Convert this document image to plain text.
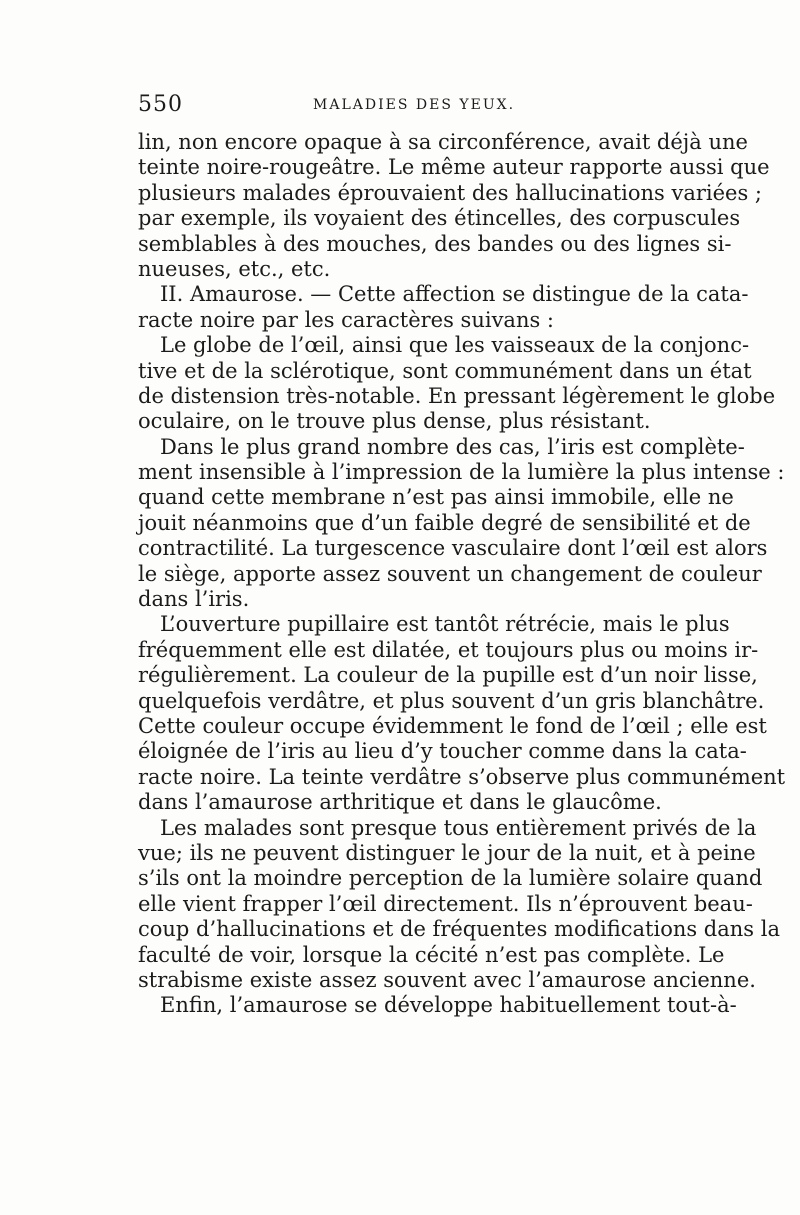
550	MALADIES DES YEUX.
lin, non encore opaque à sa circonférence, avait déjà une
teinte noire-rougeâtre. Le même auteur rapporte aussi que
plusieurs malades éprouvaient des hallucinations variées ;
par exemple, ils voyaient des étincelles, des corpuscules
semblables à des mouches, des bandes ou des lignes si-
nueuses, etc., etc.
II. Amaurose. — Cette affection se distingue de la cata-
racte noire par les caractères suivans :
Le globe de l’œil, ainsi que les vaisseaux de la conjonc-
tive et de la sclérotique, sont communément dans un état
de distension très-notable. En pressant légèrement le globe
oculaire, on le trouve plus dense, plus résistant.
Dans le plus grand nombre des cas, l’iris est complète-
ment insensible à l’impression de la lumière la plus intense :
quand cette membrane n’est pas ainsi immobile, elle ne
jouit néanmoins que d’un faible degré de sensibilité et de
contractilité. La turgescence vasculaire dont l’œil est alors
le siège, apporte assez souvent un changement de couleur
dans l’iris.
L’ouverture pupillaire est tantôt rétrécie, mais le plus
fréquemment elle est dilatée, et toujours plus ou moins ir-
régulièrement. La couleur de la pupille est d’un noir lisse,
quelquefois verdâtre, et plus souvent d’un gris blanchâtre.
Cette couleur occupe évidemment le fond de l’œil ; elle est
éloignée de l’iris au lieu d’y toucher comme dans la cata-
racte noire. La teinte verdâtre s’observe plus communément
dans l’amaurose arthritique et dans le glaucôme.
Les malades sont presque tous entièrement privés de la
vue; ils ne peuvent distinguer le jour de la nuit, et à peine
s’ils ont la moindre perception de la lumière solaire quand
elle vient frapper l’œil directement. Ils n’éprouvent beau-
coup d’hallucinations et de fréquentes modifications dans la
faculté de voir, lorsque la cécité n’est pas complète. Le
strabisme existe assez souvent avec l’amaurose ancienne.
Enfin, l’amaurose se développe habituellement tout-à-
